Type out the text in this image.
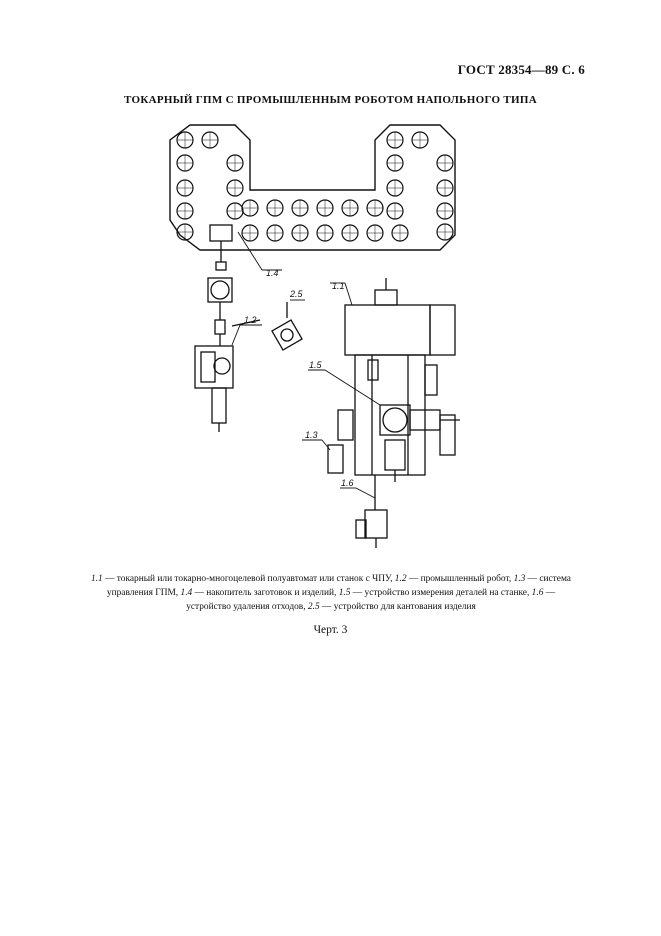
ГОСТ 28354—89 С. 6
ТОКАРНЫЙ ГПМ С ПРОМЫШЛЕННЫМ РОБОТОМ НАПОЛЬНОГО ТИПА
1.4
1.1
1.2
2.5
1.5
1.3
1.6
1.1 — токарный или токарно-многоцелевой полуавтомат или станок с ЧПУ, 1.2 — промышленный робот, 1.3 — система управления ГПМ, 1.4 — накопитель заготовок и изделий, 1.5 — устройство измерения деталей на станке, 1.6 — устройство удаления отходов, 2.5 — устройство для кантования изделия
Черт. 3
